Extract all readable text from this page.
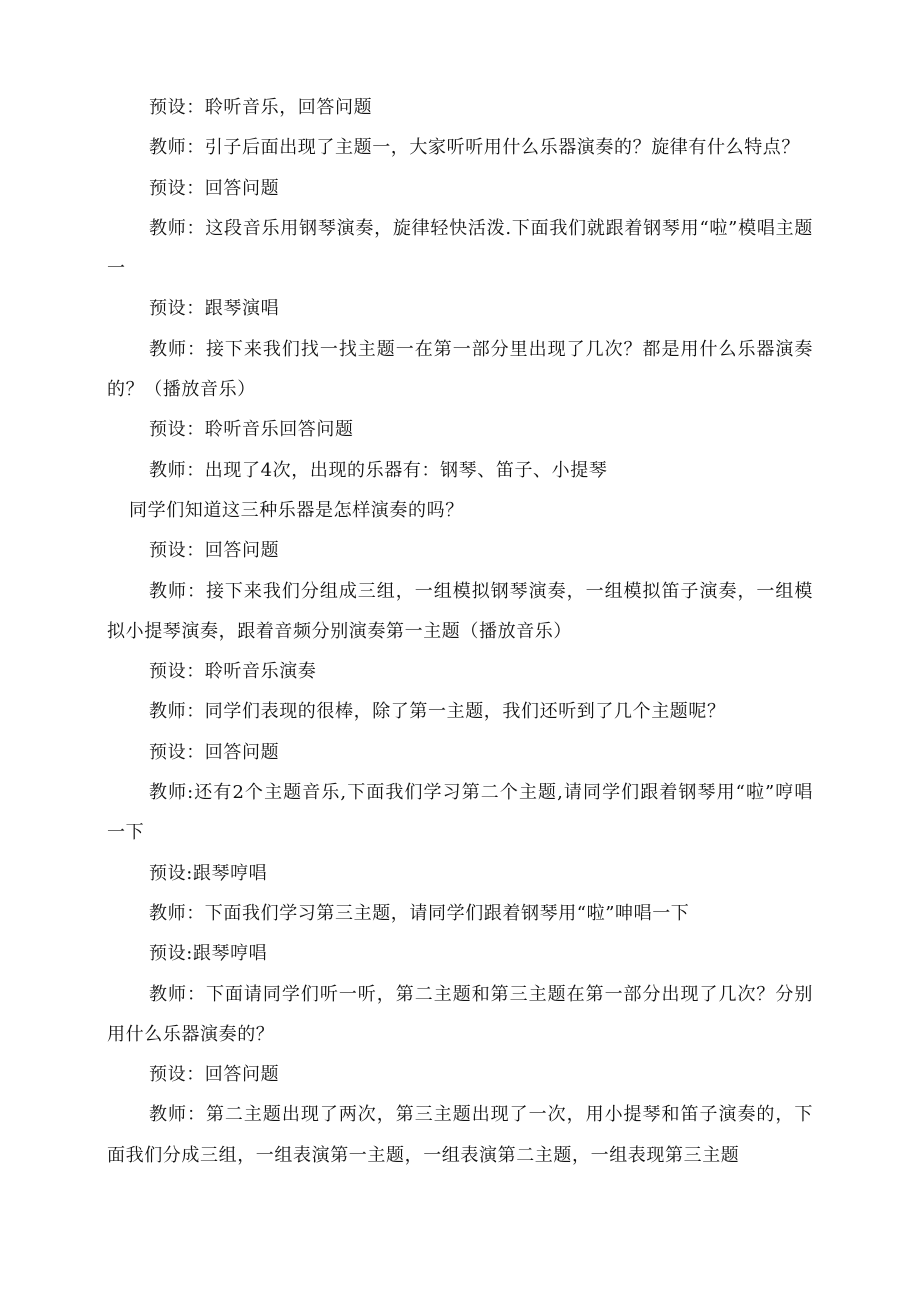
预设：聆听音乐，回答问题

教师：引子后面出现了主题一，大家听听用什么乐器演奏的？旋律有什么特点？

预设：回答问题

教师：这段音乐用钢琴演奏，旋律轻快活泼.下面我们就跟着钢琴用“啦”模唱主题一

预设：跟琴演唱

教师：接下来我们找一找主题一在第一部分里出现了几次？都是用什么乐器演奏的？（播放音乐）

预设：聆听音乐回答问题

教师：出现了4次，出现的乐器有：钢琴、笛子、小提琴

同学们知道这三种乐器是怎样演奏的吗？

预设：回答问题

教师：接下来我们分组成三组，一组模拟钢琴演奏，一组模拟笛子演奏，一组模拟小提琴演奏，跟着音频分别演奏第一主题（播放音乐）

预设：聆听音乐演奏

教师：同学们表现的很棒，除了第一主题，我们还听到了几个主题呢？

预设：回答问题

教师:还有2个主题音乐,下面我们学习第二个主题,请同学们跟着钢琴用“啦”哼唱一下

预设:跟琴哼唱

教师：下面我们学习第三主题，请同学们跟着钢琴用“啦”呻唱一下

预设:跟琴哼唱

教师：下面请同学们听一听，第二主题和第三主题在第一部分出现了几次？分别用什么乐器演奏的？

预设：回答问题

教师：第二主题出现了两次，第三主题出现了一次，用小提琴和笛子演奏的，下面我们分成三组，一组表演第一主题，一组表演第二主题，一组表现第三主题
